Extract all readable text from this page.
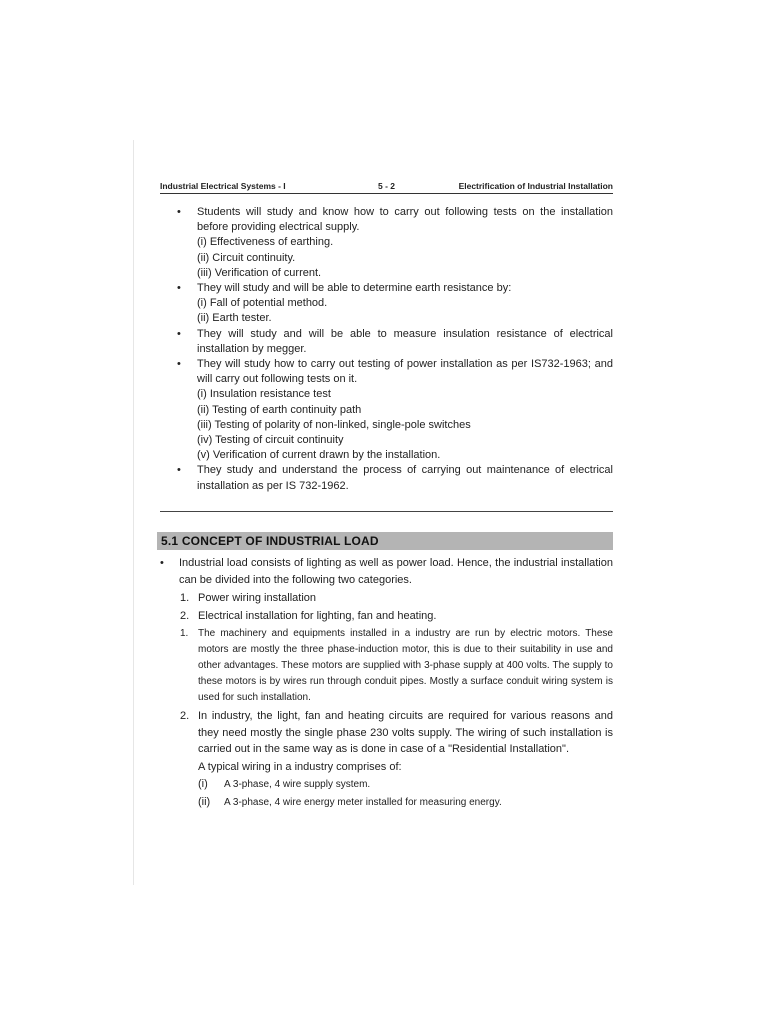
Industrial Electrical Systems - I	5 - 2	Electrification of Industrial Installation
• Students will study and know how to carry out following tests on the installation before providing electrical supply.
(i) Effectiveness of earthing.
(ii) Circuit continuity.
(iii) Verification of current.
• They will study and will be able to determine earth resistance by:
(i) Fall of potential method.
(ii) Earth tester.
• They will study and will be able to measure insulation resistance of electrical installation by megger.
• They will study how to carry out testing of power installation as per IS732-1963; and will carry out following tests on it.
(i) Insulation resistance test
(ii) Testing of earth continuity path
(iii) Testing of polarity of non-linked, single-pole switches
(iv) Testing of circuit continuity
(v) Verification of current drawn by the installation.
• They study and understand the process of carrying out maintenance of electrical installation as per IS 732-1962.
5.1 CONCEPT OF INDUSTRIAL LOAD
• Industrial load consists of lighting as well as power load. Hence, the industrial installation can be divided into the following two categories.
1. Power wiring installation
2. Electrical installation for lighting, fan and heating.
1. The machinery and equipments installed in a industry are run by electric motors. These motors are mostly the three phase-induction motor, this is due to their suitability in use and other advantages. These motors are supplied with 3-phase supply at 400 volts. The supply to these motors is by wires run through conduit pipes. Mostly a surface conduit wiring system is used for such installation.
2. In industry, the light, fan and heating circuits are required for various reasons and they need mostly the single phase 230 volts supply. The wiring of such installation is carried out in the same way as is done in case of a "Residential Installation".
A typical wiring in a industry comprises of:
(i) A 3-phase, 4 wire supply system.
(ii) A 3-phase, 4 wire energy meter installed for measuring energy.
